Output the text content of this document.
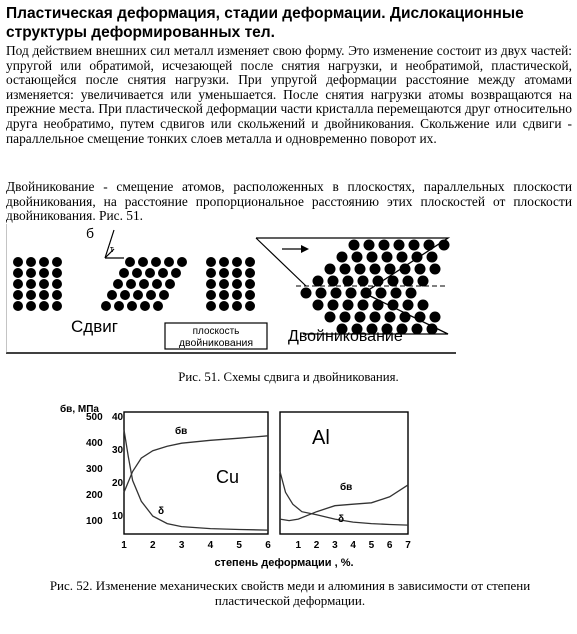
Пластическая деформация, стадии деформации. Дислокационные структуры деформированных тел.
Под действием внешних сил металл изменяет свою форму. Это изменение состоит из двух частей: упругой или обратимой, исчезающей после снятия нагрузки, и необратимой, пластической, остающейся после снятия нагрузки. При упругой деформации расстояние между атомами изменяется: увеличивается или уменьшается. После снятия нагрузки атомы возвращаются на прежние места. При пластической деформации части кристалла перемещаются друг относительно друга необратимо, путем сдвигов или скольжений и двойникования. Скольжение или сдвиги - параллельное смещение тонких слоев металла и одновременно поворот их.
Двойникование - смещение атомов, расположенных в плоскостях, параллельных плоскости двойникования, на расстояние пропорциональное расстоянию этих плоскостей от плоскости двойникования. Рис. 51.
б
τ
Сдвиг	плоскость
двойникования Двойникование
Рис. 51. Схемы сдвига и двойникования.
1 2 3 4 5 6
500
400
300
200
100
40
30
20
10
бв
δ
Cu
1 2 3 4 5 6 7
бв
δ
Al
бв, МПа
степень деформации , %.
Рис. 52. Изменение механических свойств меди и алюминия в зависимости от степени пластической деформации.
